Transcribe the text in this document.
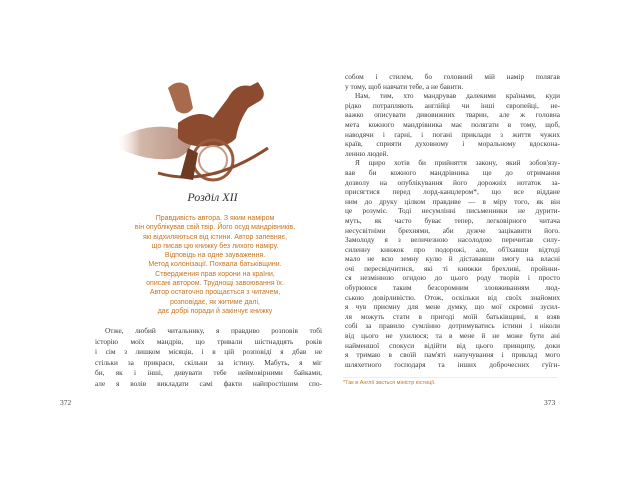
Розділ XII
Правдивість автора. З яким наміром
він опублікував свій твір. Його осуд мандрівників,
які відхиляються від істини. Автор запевняє,
що писав цю книжку без лихого наміру.
Відповідь на одне зауваження.
Метод колонізації. Похвала батьківщини.
Стверджения прав корони на країни,
описані автором. Труднощі завоювання їх.
Автор остаточно прощається з читачем,
розповідає, як житиме далі,
дає добрі поради й закінчує книжку
Отже, любий читальнику, я правдиво розповів тобі
історію моїх мандрів, що тривали шістнадцять років
і сім з лишком місяців, і в цій розповіді я дбав не
стільки за прикраси, скільки за істину. Мабуть, я міг
би, як і інші, дивувати тебе неймовірними байками,
але я волів викладати самі факти найпростішим спо-
372
собом і стилем, бо головний мій намір полягав
у тому, щоб навчати тебе, а не бавити.
Нам, тим, хто мандрував далекими країнами, куди
рідко потрапляють англійці чи інші європейці, не-
важко описувати дивовижних тварин, але ж головна
мета кожного мандрівника має полягати в тому, щоб,
наводячи і гарні, і погані приклади з життя чужих
країв, сприяти духовному і моральному вдоскона-
ленню людей.
Я щиро хотів би прийняття закону, який зобов'язу-
вав би кожного мандрівника ще до отримання
дозволу на опублікування його дорожніх нотаток за-
присягтися перед лорд-канцлером*, що все віддане
ним до друку цілком правдиве — в міру того, як він
це розуміє. Тоді несумлінні письменники не дурити-
муть, як часто буває тепер, легковірного читача
несусвітніми брехнями, аби дужче зацікавити його.
Замолоду я з величезною насолодою перечитав силу-
силенну книжок про подорожі, але, об'їхавши відтоді
мало не всю земну кулю й дістававши змогу на власні
очі пересвідчитися, які ті книжки брехливі, пройнни-
ся незмінною огидою до цього роду творів і просто
обурююся таким безсоромним зловживанням люд-
ською довірливістю. Отож, оскільки від своїх знайомих
я чув приємну для мене думку, що мої скромні зусил-
ля можуть стати в пригоді моїй батьківщині, я взяв
собі за правило сумлінно дотримуватись істини і ніколи
від цього не ухилюся; та в мене й не може бути ані
найменшої спокуси відійти від цього принципу, доки
я тримаю в своїй пам'яті напучування і приклад мого
шляхетного господаря та інших доброчесних гуїгн-
*Так в Англії звється міністр юстиції.
373
